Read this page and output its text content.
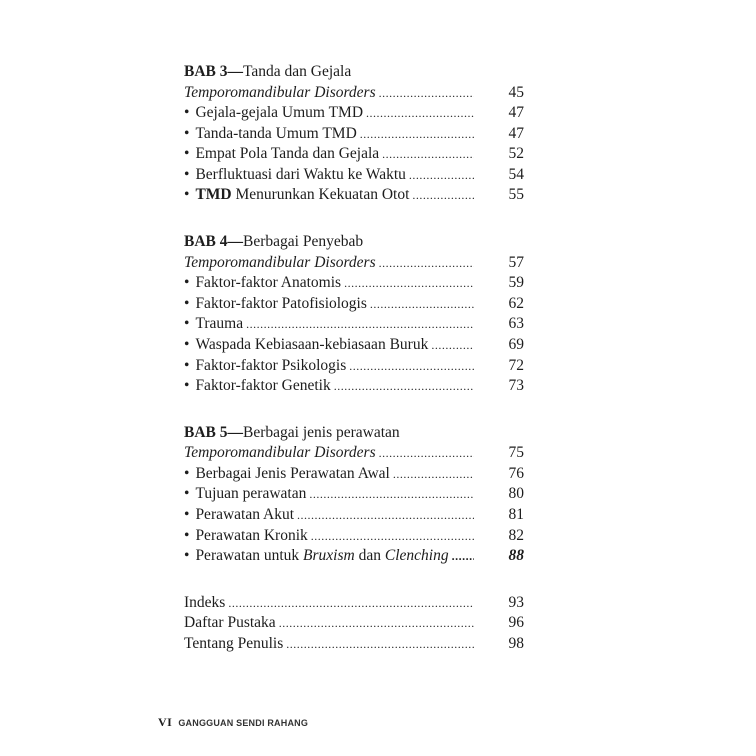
BAB 3—Tanda dan Gejala
Temporomandibular Disorders .....	45
• Gejala-gejala Umum TMD .....	47
• Tanda-tanda Umum TMD .....	47
• Empat Pola Tanda dan Gejala .....	52
• Berfluktuasi dari Waktu ke Waktu .....	54
• TMD Menurunkan Kekuatan Otot .....	55
BAB 4—Berbagai Penyebab
Temporomandibular Disorders .....	57
• Faktor-faktor Anatomis .....	59
• Faktor-faktor Patofisiologis .....	62
• Trauma .....	63
• Waspada Kebiasaan-kebiasaan Buruk .....	69
• Faktor-faktor Psikologis .....	72
• Faktor-faktor Genetik .....	73
BAB 5—Berbagai jenis perawatan
Temporomandibular Disorders .....	75
• Berbagai Jenis Perawatan Awal .....	76
• Tujuan perawatan .....	80
• Perawatan Akut .....	81
• Perawatan Kronik .....	82
• Perawatan untuk Bruxism dan Clenching .....	88
Indeks .....	93
Daftar Pustaka .....	96
Tentang Penulis .....	98
VI GANGGUAN SENDI RAHANG
